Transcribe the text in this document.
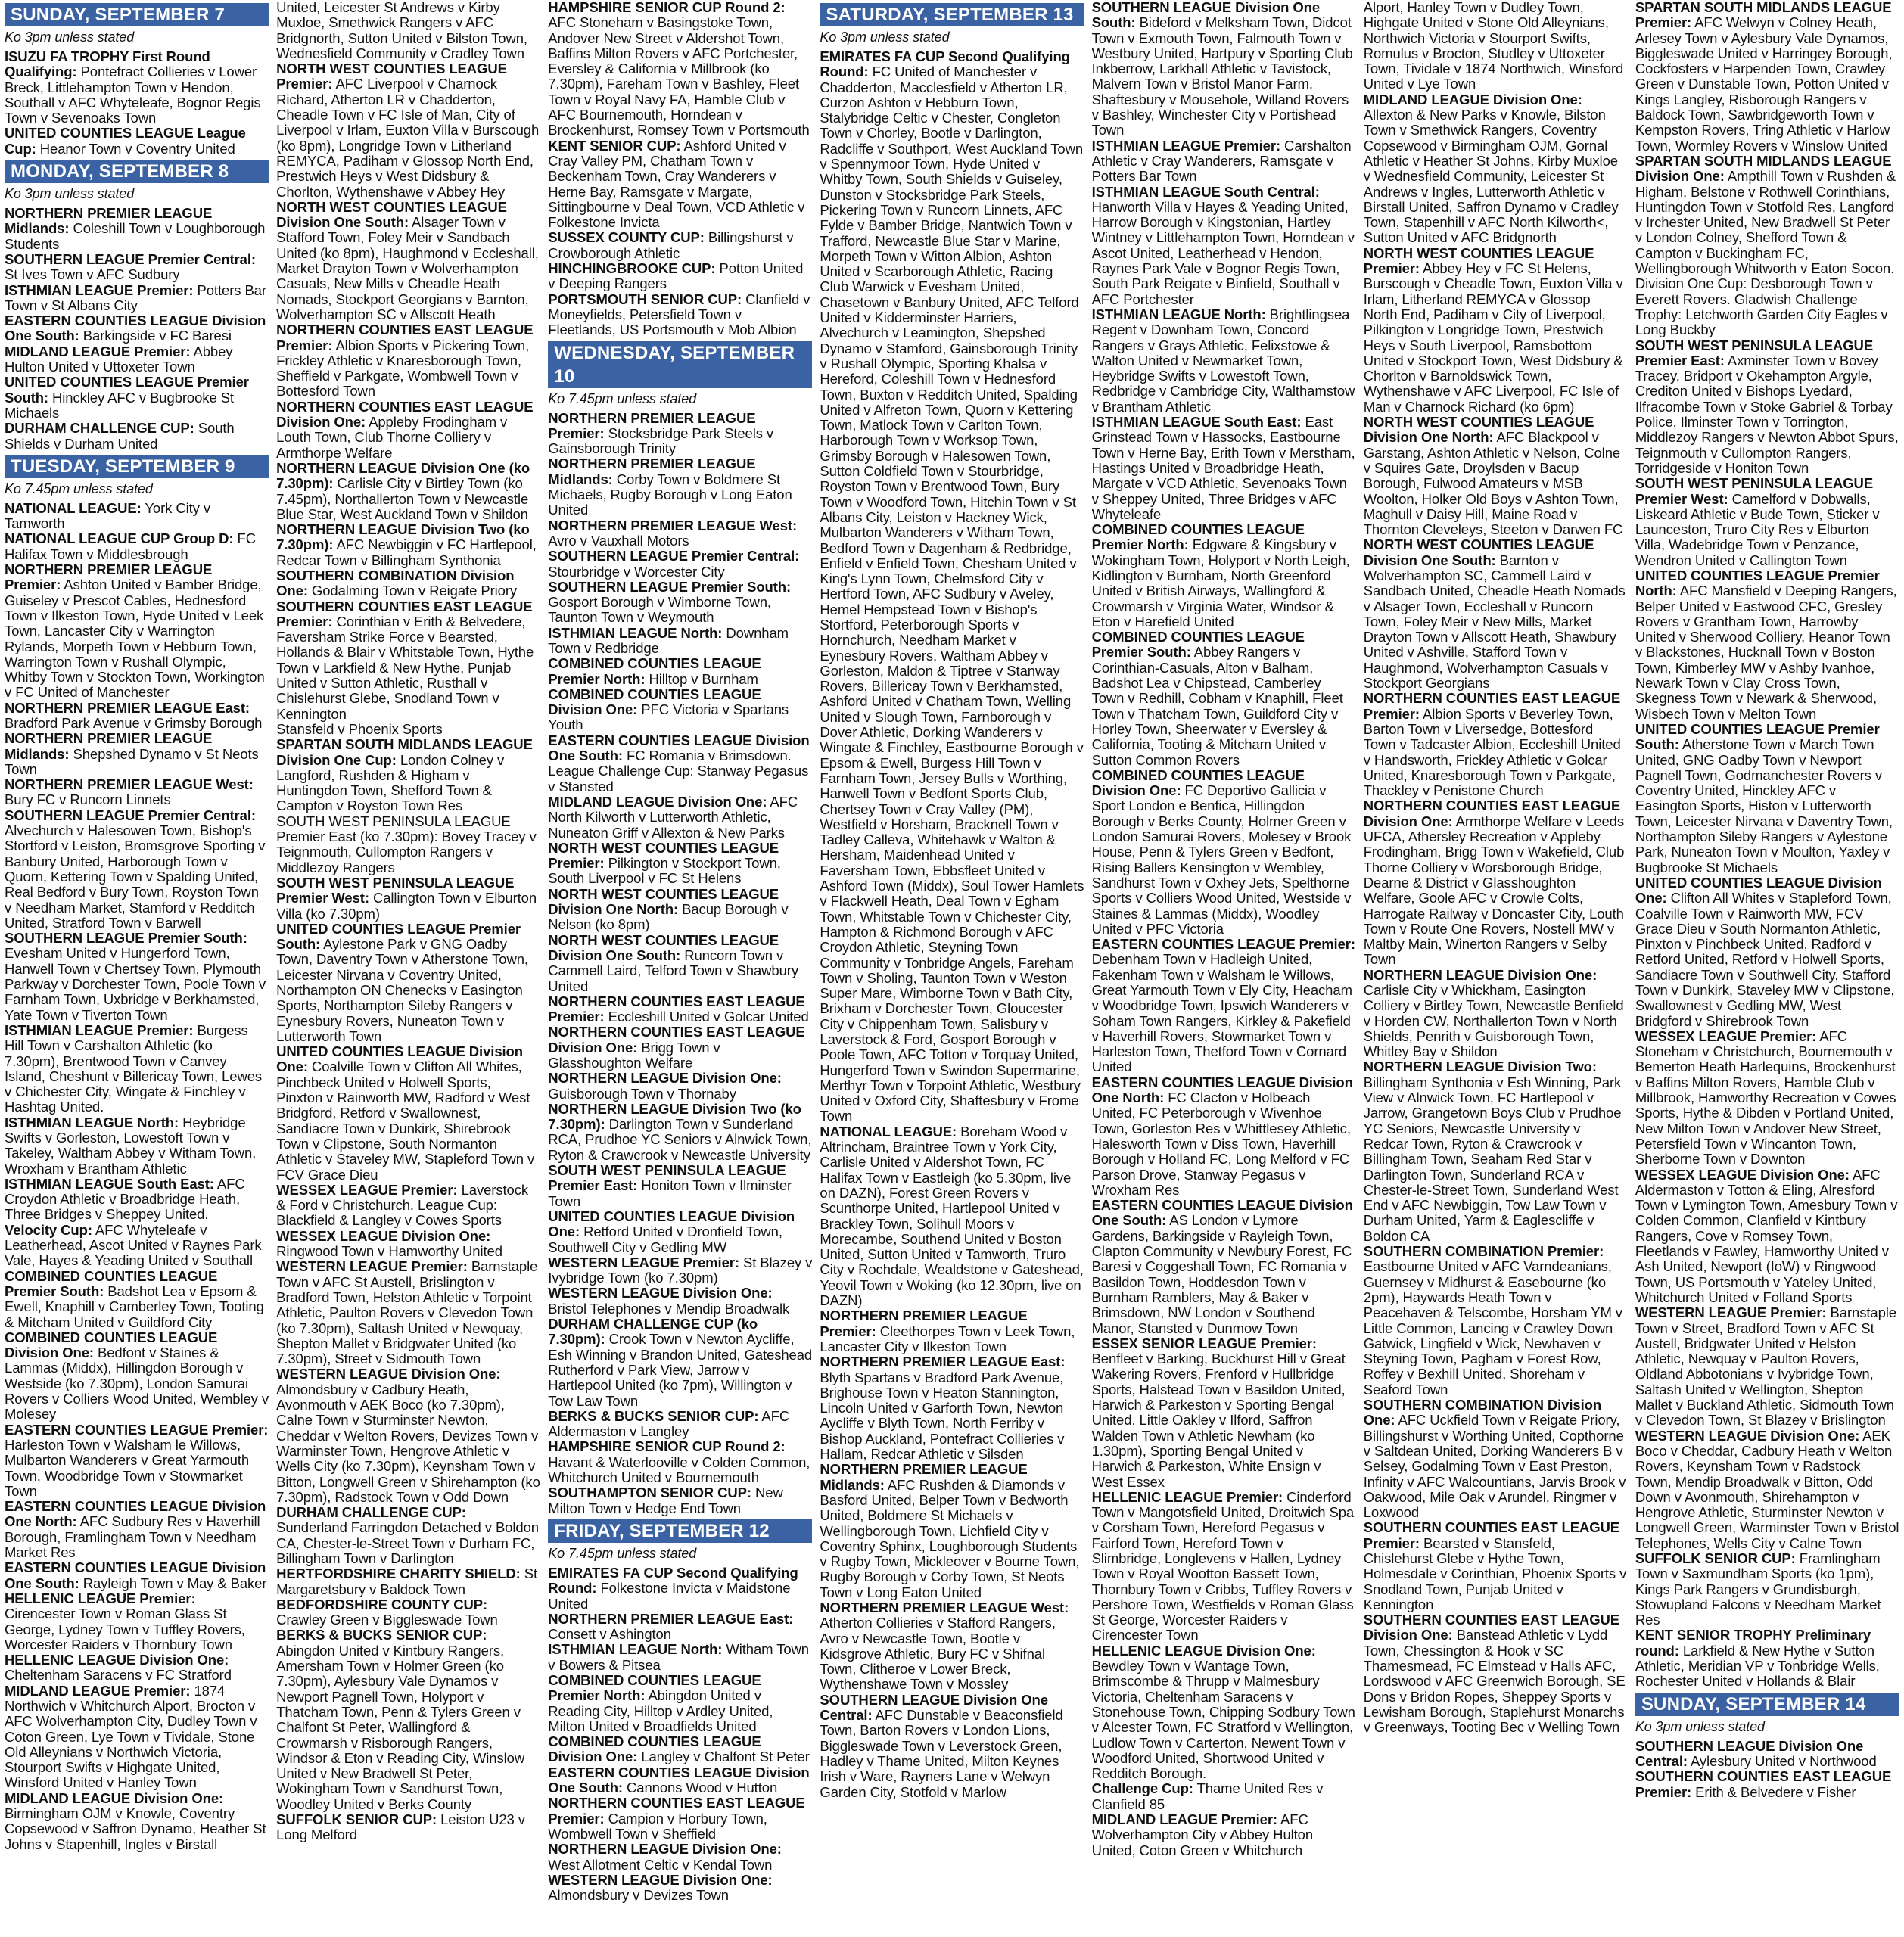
SUNDAY, SEPTEMBER 7
Ko 3pm unless stated

ISUZU FA TROPHY First Round Qualifying: Pontefract Collieries v Lower Breck, Littlehampton Town v Hendon, Southall v AFC Whyteleafe, Bognor Regis Town v Sevenoaks Town

UNITED COUNTIES LEAGUE League Cup: Heanor Town v Coventry United

MONDAY, SEPTEMBER 8
Ko 3pm unless stated

NORTHERN PREMIER LEAGUE Midlands: Coleshill Town v Loughborough Students

SOUTHERN LEAGUE Premier Central: St Ives Town v AFC Sudbury

ISTHMIAN LEAGUE Premier: Potters Bar Town v St Albans City

EASTERN COUNTIES LEAGUE Division One South: Barkingside v FC Baresi

MIDLAND LEAGUE Premier: Abbey Hulton United v Uttoxeter Town

UNITED COUNTIES LEAGUE Premier South: Hinckley AFC v Bugbrooke St Michaels

DURHAM CHALLENGE CUP: South Shields v Durham United

TUESDAY, SEPTEMBER 9
Ko 7.45pm unless stated

NATIONAL LEAGUE: York City v Tamworth

NATIONAL LEAGUE CUP Group D: FC Halifax Town v Middlesbrough

NORTHERN PREMIER LEAGUE Premier: Ashton United v Bamber Bridge, Guiseley v Prescot Cables, Hednesford Town v Ilkeston Town, Hyde United v Leek Town, Lancaster City v Warrington Rylands, Morpeth Town v Hebburn Town, Warrington Town v Rushall Olympic, Whitby Town v Stockton Town, Workington v FC United of Manchester

NORTHERN PREMIER LEAGUE East: Bradford Park Avenue v Grimsby Borough

NORTHERN PREMIER LEAGUE Midlands: Shepshed Dynamo v St Neots Town

NORTHERN PREMIER LEAGUE West: Bury FC v Runcorn Linnets

SOUTHERN LEAGUE Premier Central: Alvechurch v Halesowen Town, Bishop's Stortford v Leiston, Bromsgrove Sporting v Banbury United, Harborough Town v Quorn, Kettering Town v Spalding United, Real Bedford v Bury Town, Royston Town v Needham Market, Stamford v Redditch United, Stratford Town v Barwell

SOUTHERN LEAGUE Premier South: Evesham United v Hungerford Town, Hanwell Town v Chertsey Town, Plymouth Parkway v Dorchester Town, Poole Town v Farnham Town, Uxbridge v Berkhamsted, Yate Town v Tiverton Town

ISTHMIAN LEAGUE Premier: Burgess Hill Town v Carshalton Athletic (ko 7.30pm), Brentwood Town v Canvey Island, Cheshunt v Billericay Town, Lewes v Chichester City, Wingate & Finchley v Hashtag United.

ISTHMIAN LEAGUE North: Heybridge Swifts v Gorleston, Lowestoft Town v Takeley, Waltham Abbey v Witham Town, Wroxham v Brantham Athletic

ISTHMIAN LEAGUE South East: AFC Croydon Athletic v Broadbridge Heath, Three Bridges v Sheppey United.

Velocity Cup: AFC Whyteleafe v Leatherhead, Ascot United v Raynes Park Vale, Hayes & Yeading United v Southall

COMBINED COUNTIES LEAGUE Premier South: Badshot Lea v Epsom & Ewell, Knaphill v Camberley Town, Tooting & Mitcham United v Guildford City

COMBINED COUNTIES LEAGUE Division One: Bedfont v Staines & Lammas (Middx), Hillingdon Borough v Westside (ko 7.30pm), London Samurai Rovers v Colliers Wood United, Wembley v Molesey

EASTERN COUNTIES LEAGUE Premier: Harleston Town v Walsham le Willows, Mulbarton Wanderers v Great Yarmouth Town, Woodbridge Town v Stowmarket Town

EASTERN COUNTIES LEAGUE Division One North: AFC Sudbury Res v Haverhill Borough, Framlingham Town v Needham Market Res

EASTERN COUNTIES LEAGUE Division One South: Rayleigh Town v May & Baker

HELLENIC LEAGUE Premier: Cirencester Town v Roman Glass St George, Lydney Town v Tuffley Rovers, Worcester Raiders v Thornbury Town

HELLENIC LEAGUE Division One: Cheltenham Saracens v FC Stratford

MIDLAND LEAGUE Premier: 1874 Northwich v Whitchurch Alport, Brocton v AFC Wolverhampton City, Dudley Town v Coton Green, Lye Town v Tividale, Stone Old Alleynians v Northwich Victoria, Stourport Swifts v Highgate United, Winsford United v Hanley Town

MIDLAND LEAGUE Division One: Birmingham OJM v Knowle, Coventry Copsewood v Saffron Dynamo, Heather St Johns v Stapenhill, Ingles v Birstall

United, Leicester St Andrews v Kirby Muxloe, Smethwick Rangers v AFC Bridgnorth, Sutton United v Bilston Town, Wednesfield Community v Cradley Town

NORTH WEST COUNTIES LEAGUE Premier: AFC Liverpool v Charnock Richard, Atherton LR v Chadderton, Cheadle Town v FC Isle of Man, City of Liverpool v Irlam, Euxton Villa v Burscough (ko 8pm), Longridge Town v Litherland REMYCA, Padiham v Glossop North End, Prestwich Heys v West Didsbury & Chorlton, Wythenshawe v Abbey Hey

NORTH WEST COUNTIES LEAGUE Division One South: Alsager Town v Stafford Town, Foley Meir v Sandbach United (ko 8pm), Haughmond v Eccleshall, Market Drayton Town v Wolverhampton Casuals, New Mills v Cheadle Heath Nomads, Stockport Georgians v Barnton, Wolverhampton SC v Allscott Heath

NORTHERN COUNTIES EAST LEAGUE Premier: Albion Sports v Pickering Town, Frickley Athletic v Knaresborough Town, Sheffield v Parkgate, Wombwell Town v Bottesford Town

NORTHERN COUNTIES EAST LEAGUE Division One: Appleby Frodingham v Louth Town, Club Thorne Colliery v Armthorpe Welfare

NORTHERN LEAGUE Division One (ko 7.30pm): Carlisle City v Birtley Town (ko 7.45pm), Northallerton Town v Newcastle Blue Star, West Auckland Town v Shildon

NORTHERN LEAGUE Division Two (ko 7.30pm): AFC Newbiggin v FC Hartlepool, Redcar Town v Billingham Synthonia

SOUTHERN COMBINATION Division One: Godalming Town v Reigate Priory

SOUTHERN COUNTIES EAST LEAGUE Premier: Corinthian v Erith & Belvedere, Faversham Strike Force v Bearsted, Hollands & Blair v Whitstable Town, Hythe Town v Larkfield & New Hythe, Punjab United v Sutton Athletic, Rusthall v Chislehurst Glebe, Snodland Town v Kennington

Stansfeld v Phoenix Sports

SPARTAN SOUTH MIDLANDS LEAGUE Division One Cup: London Colney v Langford, Rushden & Higham v Huntingdon Town, Shefford Town & Campton v Royston Town Res

SOUTH WEST PENINSULA LEAGUE Premier East (ko 7.30pm): Bovey Tracey v Teignmouth, Cullompton Rangers v Middlezoy Rangers

SOUTH WEST PENINSULA LEAGUE Premier West: Callington Town v Elburton Villa (ko 7.30pm)

UNITED COUNTIES LEAGUE Premier South: Aylestone Park v GNG Oadby Town, Daventry Town v Atherstone Town, Leicester Nirvana v Coventry United, Northampton ON Chenecks v Easington Sports, Northampton Sileby Rangers v Eynesbury Rovers, Nuneaton Town v Lutterworth Town

UNITED COUNTIES LEAGUE Division One: Coalville Town v Clifton All Whites, Pinchbeck United v Holwell Sports, Pinxton v Rainworth MW, Radford v West Bridgford, Retford v Swallownest, Sandiacre Town v Dunkirk, Shirebrook Town v Clipstone, South Normanton Athletic v Staveley MW, Stapleford Town v FCV Grace Dieu

WESSEX LEAGUE Premier: Laverstock & Ford v Christchurch. League Cup: Blackfield & Langley v Cowes Sports

WESSEX LEAGUE Division One: Ringwood Town v Hamworthy United

WESTERN LEAGUE Premier: Barnstaple Town v AFC St Austell, Brislington v Bradford Town, Helston Athletic v Torpoint Athletic, Paulton Rovers v Clevedon Town (ko 7.30pm), Saltash United v Newquay, Shepton Mallet v Bridgwater United (ko 7.30pm), Street v Sidmouth Town

WESTERN LEAGUE Division One: Almondsbury v Cadbury Heath, Avonmouth v AEK Boco (ko 7.30pm), Calne Town v Sturminster Newton, Cheddar v Welton Rovers, Devizes Town v Warminster Town, Hengrove Athletic v Wells City (ko 7.30pm), Keynsham Town v Bitton, Longwell Green v Shirehampton (ko 7.30pm), Radstock Town v Odd Down

DURHAM CHALLENGE CUP: Sunderland Farringdon Detached v Boldon CA, Chester-le-Street Town v Durham FC, Billingham Town v Darlington

HERTFORDSHIRE CHARITY SHIELD: St Margaretsbury v Baldock Town

BEDFORDSHIRE COUNTY CUP: Crawley Green v Biggleswade Town

BERKS & BUCKS SENIOR CUP: Abingdon United v Kintbury Rangers, Amersham Town v Holmer Green (ko 7.30pm), Aylesbury Vale Dynamos v Newport Pagnell Town, Holyport v Thatcham Town, Penn & Tylers Green v Chalfont St Peter, Wallingford & Crowmarsh v Risborough Rangers, Windsor & Eton v Reading City, Winslow United v New Bradwell St Peter, Wokingham Town v Sandhurst Town, Woodley United v Berks County

SUFFOLK SENIOR CUP: Leiston U23 v Long Melford

HAMPSHIRE SENIOR CUP Round 2: AFC Stoneham v Basingstoke Town, Andover New Street v Aldershot Town, Baffins Milton Rovers v AFC Portchester, Eversley & California v Millbrook (ko 7.30pm), Fareham Town v Bashley, Fleet Town v Royal Navy FA, Hamble Club v AFC Bournemouth, Horndean v Brockenhurst, Romsey Town v Portsmouth

KENT SENIOR CUP: Ashford United v Cray Valley PM, Chatham Town v Beckenham Town, Cray Wanderers v Herne Bay, Ramsgate v Margate, Sittingbourne v Deal Town, VCD Athletic v Folkestone Invicta

SUSSEX COUNTY CUP: Billingshurst v Crowborough Athletic

HINCHINGBROOKE CUP: Potton United v Deeping Rangers

PORTSMOUTH SENIOR CUP: Clanfield v Moneyfields, Petersfield Town v Fleetlands, US Portsmouth v Mob Albion

WEDNESDAY, SEPTEMBER 10
Ko 7.45pm unless stated

NORTHERN PREMIER LEAGUE Premier: Stocksbridge Park Steels v Gainsborough Trinity

NORTHERN PREMIER LEAGUE Midlands: Corby Town v Boldmere St Michaels, Rugby Borough v Long Eaton United

NORTHERN PREMIER LEAGUE West: Avro v Vauxhall Motors

SOUTHERN LEAGUE Premier Central: Stourbridge v Worcester City

SOUTHERN LEAGUE Premier South: Gosport Borough v Wimborne Town, Taunton Town v Weymouth

ISTHMIAN LEAGUE North: Downham Town v Redbridge

COMBINED COUNTIES LEAGUE Premier North: Hilltop v Burnham

COMBINED COUNTIES LEAGUE Division One: PFC Victoria v Spartans Youth

EASTERN COUNTIES LEAGUE Division One South: FC Romania v Brimsdown. League Challenge Cup: Stanway Pegasus v Stansted

MIDLAND LEAGUE Division One: AFC North Kilworth v Lutterworth Athletic, Nuneaton Griff v Allexton & New Parks

NORTH WEST COUNTIES LEAGUE Premier: Pilkington v Stockport Town, South Liverpool v FC St Helens

NORTH WEST COUNTIES LEAGUE Division One North: Bacup Borough v Nelson (ko 8pm)

NORTH WEST COUNTIES LEAGUE Division One South: Runcorn Town v Cammell Laird, Telford Town v Shawbury United

NORTHERN COUNTIES EAST LEAGUE Premier: Eccleshill United v Golcar United

NORTHERN COUNTIES EAST LEAGUE Division One: Brigg Town v Glasshoughton Welfare

NORTHERN LEAGUE Division One: Guisborough Town v Thornaby

NORTHERN LEAGUE Division Two (ko 7.30pm): Darlington Town v Sunderland RCA, Prudhoe YC Seniors v Alnwick Town, Ryton & Crawcrook v Newcastle University

SOUTH WEST PENINSULA LEAGUE Premier East: Honiton Town v Ilminster Town

UNITED COUNTIES LEAGUE Division One: Retford United v Dronfield Town, Southwell City v Gedling MW

WESTERN LEAGUE Premier: St Blazey v Ivybridge Town (ko 7.30pm)

WESTERN LEAGUE Division One: Bristol Telephones v Mendip Broadwalk

DURHAM CHALLENGE CUP (ko 7.30pm): Crook Town v Newton Aycliffe, Esh Winning v Brandon United, Gateshead Rutherford v Park View, Jarrow v Hartlepool United (ko 7pm), Willington v Tow Law Town

BERKS & BUCKS SENIOR CUP: AFC Aldermaston v Langley

HAMPSHIRE SENIOR CUP Round 2: Havant & Waterlooville v Colden Common, Whitchurch United v Bournemouth

SOUTHAMPTON SENIOR CUP: New Milton Town v Hedge End Town

FRIDAY, SEPTEMBER 12
Ko 7.45pm unless stated

EMIRATES FA CUP Second Qualifying Round: Folkestone Invicta v Maidstone United

NORTHERN PREMIER LEAGUE East: Consett v Ashington

ISTHMIAN LEAGUE North: Witham Town v Bowers & Pitsea

COMBINED COUNTIES LEAGUE Premier North: Abingdon United v Reading City, Hilltop v Ardley United, Milton United v Broadfields United

COMBINED COUNTIES LEAGUE Division One: Langley v Chalfont St Peter

EASTERN COUNTIES LEAGUE Division One South: Cannons Wood v Hutton

NORTHERN COUNTIES EAST LEAGUE Premier: Campion v Horbury Town, Wombwell Town v Sheffield

NORTHERN LEAGUE Division One: West Allotment Celtic v Kendal Town

WESTERN LEAGUE Division One: Almondsbury v Devizes Town

SATURDAY, SEPTEMBER 13
Ko 3pm unless stated

EMIRATES FA CUP Second Qualifying Round: FC United of Manchester v Chadderton, Macclesfield v Atherton LR, Curzon Ashton v Hebburn Town, Stalybridge Celtic v Chester, Congleton Town v Chorley, Bootle v Darlington, Radcliffe v Southport, West Auckland Town v Spennymoor Town, Hyde United v Whitby Town, South Shields v Guiseley, Dunston v Stocksbridge Park Steels, Pickering Town v Runcorn Linnets, AFC Fylde v Bamber Bridge, Nantwich Town v Trafford, Newcastle Blue Star v Marine, Morpeth Town v Witton Albion, Ashton United v Scarborough Athletic, Racing Club Warwick v Evesham United, Chasetown v Banbury United, AFC Telford United v Kidderminster Harriers, Alvechurch v Leamington, Shepshed Dynamo v Stamford, Gainsborough Trinity v Rushall Olympic, Sporting Khalsa v Hereford, Coleshill Town v Hednesford Town, Buxton v Redditch United, Spalding United v Alfreton Town, Quorn v Kettering Town, Matlock Town v Carlton Town, Harborough Town v Worksop Town, Grimsby Borough v Halesowen Town, Sutton Coldfield Town v Stourbridge, Royston Town v Brentwood Town, Bury Town v Woodford Town, Hitchin Town v St Albans City, Leiston v Hackney Wick, Mulbarton Wanderers v Witham Town, Bedford Town v Dagenham & Redbridge, Enfield v Enfield Town, Chesham United v King's Lynn Town, Chelmsford City v Hertford Town, AFC Sudbury v Aveley, Hemel Hempstead Town v Bishop's Stortford, Peterborough Sports v Hornchurch, Needham Market v Eynesbury Rovers, Waltham Abbey v Gorleston, Maldon & Tiptree v Stanway Rovers, Billericay Town v Berkhamsted, Ashford United v Chatham Town, Welling United v Slough Town, Farnborough v Dover Athletic, Dorking Wanderers v Wingate & Finchley, Eastbourne Borough v Epsom & Ewell, Burgess Hill Town v Farnham Town, Jersey Bulls v Worthing, Hanwell Town v Bedfont Sports Club, Chertsey Town v Cray Valley (PM), Westfield v Horsham, Bracknell Town v Tadley Calleva, Whitehawk v Walton & Hersham, Maidenhead United v Faversham Town, Ebbsfleet United v Ashford Town (Middx), Soul Tower Hamlets v Flackwell Heath, Deal Town v Egham Town, Whitstable Town v Chichester City, Hampton & Richmond Borough v AFC Croydon Athletic, Steyning Town Community v Tonbridge Angels, Fareham Town v Sholing, Taunton Town v Weston Super Mare, Wimborne Town v Bath City, Brixham v Dorchester Town, Gloucester City v Chippenham Town, Salisbury v Laverstock & Ford, Gosport Borough v Poole Town, AFC Totton v Torquay United, Hungerford Town v Swindon Supermarine, Merthyr Town v Torpoint Athletic, Westbury United v Oxford City, Shaftesbury v Frome Town

NATIONAL LEAGUE: Boreham Wood v Altrincham, Braintree Town v York City, Carlisle United v Aldershot Town, FC Halifax Town v Eastleigh (ko 5.30pm, live on DAZN), Forest Green Rovers v Scunthorpe United, Hartlepool United v Brackley Town, Solihull Moors v Morecambe, Southend United v Boston United, Sutton United v Tamworth, Truro City v Rochdale, Wealdstone v Gateshead, Yeovil Town v Woking (ko 12.30pm, live on DAZN)

NORTHERN PREMIER LEAGUE Premier: Cleethorpes Town v Leek Town, Lancaster City v Ilkeston Town

NORTHERN PREMIER LEAGUE East: Blyth Spartans v Bradford Park Avenue, Brighouse Town v Heaton Stannington, Lincoln United v Garforth Town, Newton Aycliffe v Blyth Town, North Ferriby v Bishop Auckland, Pontefract Collieries v Hallam, Redcar Athletic v Silsden

NORTHERN PREMIER LEAGUE Midlands: AFC Rushden & Diamonds v Basford United, Belper Town v Bedworth United, Boldmere St Michaels v Wellingborough Town, Lichfield City v Coventry Sphinx, Loughborough Students v Rugby Town, Mickleover v Bourne Town, Rugby Borough v Corby Town, St Neots Town v Long Eaton United

NORTHERN PREMIER LEAGUE West: Atherton Collieries v Stafford Rangers, Avro v Newcastle Town, Bootle v Kidsgrove Athletic, Bury FC v Shifnal Town, Clitheroe v Lower Breck, Wythenshawe Town v Mossley

SOUTHERN LEAGUE Division One Central: AFC Dunstable v Beaconsfield Town, Barton Rovers v London Lions, Biggleswade Town v Leverstock Green, Hadley v Thame United, Milton Keynes Irish v Ware, Rayners Lane v Welwyn Garden City, Stotfold v Marlow

SOUTHERN LEAGUE Division One South: Bideford v Melksham Town, Didcot Town v Exmouth Town, Falmouth Town v Westbury United, Hartpury v Sporting Club Inkberrow, Larkhall Athletic v Tavistock, Malvern Town v Bristol Manor Farm, Shaftesbury v Mousehole, Willand Rovers v Bashley, Winchester City v Portishead Town

ISTHMIAN LEAGUE Premier: Carshalton Athletic v Cray Wanderers, Ramsgate v Potters Bar Town

ISTHMIAN LEAGUE South Central: Hanworth Villa v Hayes & Yeading United, Harrow Borough v Kingstonian, Hartley Wintney v Littlehampton Town, Horndean v Ascot United, Leatherhead v Hendon, Raynes Park Vale v Bognor Regis Town, South Park Reigate v Binfield, Southall v AFC Portchester

ISTHMIAN LEAGUE North: Brightlingsea Regent v Downham Town, Concord Rangers v Grays Athletic, Felixstowe & Walton United v Newmarket Town, Heybridge Swifts v Lowestoft Town, Redbridge v Cambridge City, Walthamstow v Brantham Athletic

ISTHMIAN LEAGUE South East: East Grinstead Town v Hassocks, Eastbourne Town v Herne Bay, Erith Town v Merstham, Hastings United v Broadbridge Heath, Margate v VCD Athletic, Sevenoaks Town v Sheppey United, Three Bridges v AFC Whyteleafe

COMBINED COUNTIES LEAGUE Premier North: Edgware & Kingsbury v Wokingham Town, Holyport v North Leigh, Kidlington v Burnham, North Greenford United v British Airways, Wallingford & Crowmarsh v Virginia Water, Windsor & Eton v Harefield United

COMBINED COUNTIES LEAGUE Premier South: Abbey Rangers v Corinthian-Casuals, Alton v Balham, Badshot Lea v Chipstead, Camberley Town v Redhill, Cobham v Knaphill, Fleet Town v Thatcham Town, Guildford City v Horley Town, Sheerwater v Eversley & California, Tooting & Mitcham United v Sutton Common Rovers

COMBINED COUNTIES LEAGUE Division One: FC Deportivo Gallicia v Sport London e Benfica, Hillingdon Borough v Berks County, Holmer Green v London Samurai Rovers, Molesey v Brook House, Penn & Tylers Green v Bedfont, Rising Ballers Kensington v Wembley, Sandhurst Town v Oxhey Jets, Spelthorne Sports v Colliers Wood United, Westside v Staines & Lammas (Middx), Woodley United v PFC Victoria

EASTERN COUNTIES LEAGUE Premier: Debenham Town v Hadleigh United, Fakenham Town v Walsham le Willows, Great Yarmouth Town v Ely City, Heacham v Woodbridge Town, Ipswich Wanderers v Soham Town Rangers, Kirkley & Pakefield v Haverhill Rovers, Stowmarket Town v Harleston Town, Thetford Town v Cornard United

EASTERN COUNTIES LEAGUE Division One North: FC Clacton v Holbeach United, FC Peterborough v Wivenhoe Town, Gorleston Res v Whittlesey Athletic, Halesworth Town v Diss Town, Haverhill Borough v Holland FC, Long Melford v FC Parson Drove, Stanway Pegasus v Wroxham Res

EASTERN COUNTIES LEAGUE Division One South: AS London v Lymore Gardens, Barkingside v Rayleigh Town, Clapton Community v Newbury Forest, FC Baresi v Coggeshall Town, FC Romania v Basildon Town, Hoddesdon Town v Burnham Ramblers, May & Baker v Brimsdown, NW London v Southend Manor, Stansted v Dunmow Town

ESSEX SENIOR LEAGUE Premier: Benfleet v Barking, Buckhurst Hill v Great Wakering Rovers, Frenford v Hullbridge Sports, Halstead Town v Basildon United, Harwich & Parkeston v Sporting Bengal United, Little Oakley v Ilford, Saffron Walden Town v Athletic Newham (ko 1.30pm), Sporting Bengal United v Harwich & Parkeston, White Ensign v West Essex

HELLENIC LEAGUE Premier: Cinderford Town v Mangotsfield United, Droitwich Spa v Corsham Town, Hereford Pegasus v Fairford Town, Hereford Town v Slimbridge, Longlevens v Hallen, Lydney Town v Royal Wootton Bassett Town, Thornbury Town v Cribbs, Tuffley Rovers v Pershore Town, Westfields v Roman Glass St George, Worcester Raiders v Cirencester Town

HELLENIC LEAGUE Division One: Bewdley Town v Wantage Town, Brimscombe & Thrupp v Malmesbury Victoria, Cheltenham Saracens v Stonehouse Town, Chipping Sodbury Town v Alcester Town, FC Stratford v Wellington, Ludlow Town v Carterton, Newent Town v Woodford United, Shortwood United v Redditch Borough.

Challenge Cup: Thame United Res v Clanfield 85

MIDLAND LEAGUE Premier: AFC Wolverhampton City v Abbey Hulton United, Coton Green v Whitchurch

Alport, Hanley Town v Dudley Town, Highgate United v Stone Old Alleynians, Northwich Victoria v Stourport Swifts, Romulus v Brocton, Studley v Uttoxeter Town, Tividale v 1874 Northwich, Winsford United v Lye Town

MIDLAND LEAGUE Division One: Allexton & New Parks v Knowle, Bilston Town v Smethwick Rangers, Coventry Copsewood v Birmingham OJM, Gornal Athletic v Heather St Johns, Kirby Muxloe v Wednesfield Community, Leicester St Andrews v Ingles, Lutterworth Athletic v Birstall United, Saffron Dynamo v Cradley Town, Stapenhill v AFC North Kilworth<, Sutton United v AFC Bridgnorth

NORTH WEST COUNTIES LEAGUE Premier: Abbey Hey v FC St Helens, Burscough v Cheadle Town, Euxton Villa v Irlam, Litherland REMYCA v Glossop North End, Padiham v City of Liverpool, Pilkington v Longridge Town, Prestwich Heys v South Liverpool, Ramsbottom United v Stockport Town, West Didsbury & Chorlton v Barnoldswick Town, Wythenshawe v AFC Liverpool, FC Isle of Man v Charnock Richard (ko 6pm)

NORTH WEST COUNTIES LEAGUE Division One North: AFC Blackpool v Garstang, Ashton Athletic v Nelson, Colne v Squires Gate, Droylsden v Bacup Borough, Fulwood Amateurs v MSB Woolton, Holker Old Boys v Ashton Town, Maghull v Daisy Hill, Maine Road v Thornton Cleveleys, Steeton v Darwen FC

NORTH WEST COUNTIES LEAGUE Division One South: Barnton v Wolverhampton SC, Cammell Laird v Sandbach United, Cheadle Heath Nomads v Alsager Town, Eccleshall v Runcorn Town, Foley Meir v New Mills, Market Drayton Town v Allscott Heath, Shawbury United v Ashville, Stafford Town v Haughmond, Wolverhampton Casuals v Stockport Georgians

NORTHERN COUNTIES EAST LEAGUE Premier: Albion Sports v Beverley Town, Barton Town v Liversedge, Bottesford Town v Tadcaster Albion, Eccleshill United v Handsworth, Frickley Athletic v Golcar United, Knaresborough Town v Parkgate, Thackley v Penistone Church

NORTHERN COUNTIES EAST LEAGUE Division One: Armthorpe Welfare v Leeds UFCA, Athersley Recreation v Appleby Frodingham, Brigg Town v Wakefield, Club Thorne Colliery v Worsborough Bridge, Dearne & District v Glasshoughton Welfare, Goole AFC v Crowle Colts, Harrogate Railway v Doncaster City, Louth Town v Route One Rovers, Nostell MW v Maltby Main, Winerton Rangers v Selby Town

NORTHERN LEAGUE Division One: Carlisle City v Whickham, Easington Colliery v Birtley Town, Newcastle Benfield v Horden CW, Northallerton Town v North Shields, Penrith v Guisborough Town, Whitley Bay v Shildon

NORTHERN LEAGUE Division Two: Billingham Synthonia v Esh Winning, Park View v Alnwick Town, FC Hartlepool v Jarrow, Grangetown Boys Club v Prudhoe YC Seniors, Newcastle University v Redcar Town, Ryton & Crawcrook v Billingham Town, Seaham Red Star v Darlington Town, Sunderland RCA v Chester-le-Street Town, Sunderland West End v AFC Newbiggin, Tow Law Town v Durham United, Yarm & Eaglescliffe v Boldon CA

SOUTHERN COMBINATION Premier: Eastbourne United v AFC Varndeanians, Guernsey v Midhurst & Easebourne (ko 2pm), Haywards Heath Town v Peacehaven & Telscombe, Horsham YM v Little Common, Lancing v Crawley Down Gatwick, Lingfield v Wick, Newhaven v Steyning Town, Pagham v Forest Row, Roffey v Bexhill United, Shoreham v Seaford Town

SOUTHERN COMBINATION Division One: AFC Uckfield Town v Reigate Priory, Billingshurst v Worthing United, Copthorne v Saltdean United, Dorking Wanderers B v Selsey, Godalming Town v East Preston, Infinity v AFC Walcountians, Jarvis Brook v Oakwood, Mile Oak v Arundel, Ringmer v Loxwood

SOUTHERN COUNTIES EAST LEAGUE Premier: Bearsted v Stansfeld, Chislehurst Glebe v Hythe Town, Holmesdale v Corinthian, Phoenix Sports v Snodland Town, Punjab United v Kennington

SOUTHERN COUNTIES EAST LEAGUE Division One: Banstead Athletic v Lydd Town, Chessington & Hook v SC Thamesmead, FC Elmstead v Halls AFC, Lordswood v AFC Greenwich Borough, SE Dons v Bridon Ropes, Sheppey Sports v Lewisham Borough, Staplehurst Monarchs v Greenways, Tooting Bec v Welling Town

SPARTAN SOUTH MIDLANDS LEAGUE Premier: AFC Welwyn v Colney Heath, Arlesey Town v Aylesbury Vale Dynamos, Biggleswade United v Harringey Borough, Cockfosters v Harpenden Town, Crawley Green v Dunstable Town, Potton United v Kings Langley, Risborough Rangers v Baldock Town, Sawbridgeworth Town v Kempston Rovers, Tring Athletic v Harlow Town, Wormley Rovers v Winslow United

SPARTAN SOUTH MIDLANDS LEAGUE Division One: Ampthill Town v Rushden & Higham, Belstone v Rothwell Corinthians, Huntingdon Town v Stotfold Res, Langford v Irchester United, New Bradwell St Peter v London Colney, Shefford Town & Campton v Buckingham FC, Wellingborough Whitworth v Eaton Socon. Division One Cup: Desborough Town v Everett Rovers. Gladwish Challenge Trophy: Letchworth Garden City Eagles v Long Buckby

SOUTH WEST PENINSULA LEAGUE Premier East: Axminster Town v Bovey Tracey, Bridport v Okehampton Argyle, Crediton United v Bishops Lyedard, Ilfracombe Town v Stoke Gabriel & Torbay Police, Ilminster Town v Torrington, Middlezoy Rangers v Newton Abbot Spurs, Teignmouth v Cullompton Rangers, Torridgeside v Honiton Town

SOUTH WEST PENINSULA LEAGUE Premier West: Camelford v Dobwalls, Liskeard Athletic v Bude Town, Sticker v Launceston, Truro City Res v Elburton Villa, Wadebridge Town v Penzance, Wendron United v Callington Town

UNITED COUNTIES LEAGUE Premier North: AFC Mansfield v Deeping Rangers, Belper United v Eastwood CFC, Gresley Rovers v Grantham Town, Harrowby United v Sherwood Colliery, Heanor Town v Blackstones, Hucknall Town v Boston Town, Kimberley MW v Ashby Ivanhoe, Newark Town v Clay Cross Town, Skegness Town v Newark & Sherwood, Wisbech Town v Melton Town

UNITED COUNTIES LEAGUE Premier South: Atherstone Town v March Town United, GNG Oadby Town v Newport Pagnell Town, Godmanchester Rovers v Coventry United, Hinckley AFC v Easington Sports, Histon v Lutterworth Town, Leicester Nirvana v Daventry Town, Northampton Sileby Rangers v Aylestone Park, Nuneaton Town v Moulton, Yaxley v Bugbrooke St Michaels

UNITED COUNTIES LEAGUE Division One: Clifton All Whites v Stapleford Town, Coalville Town v Rainworth MW, FCV Grace Dieu v South Normanton Athletic, Pinxton v Pinchbeck United, Radford v Retford United, Retford v Holwell Sports, Sandiacre Town v Southwell City, Stafford Town v Dunkirk, Staveley MW v Clipstone, Swallownest v Gedling MW, West Bridgford v Shirebrook Town

WESSEX LEAGUE Premier: AFC Stoneham v Christchurch, Bournemouth v Bemerton Heath Harlequins, Brockenhurst v Baffins Milton Rovers, Hamble Club v Millbrook, Hamworthy Recreation v Cowes Sports, Hythe & Dibden v Portland United, New Milton Town v Andover New Street, Petersfield Town v Wincanton Town, Sherborne Town v Downton

WESSEX LEAGUE Division One: AFC Aldermaston v Totton & Eling, Alresford Town v Lymington Town, Amesbury Town v Colden Common, Clanfield v Kintbury Rangers, Cove v Romsey Town, Fleetlands v Fawley, Hamworthy United v Ash United, Newport (IoW) v Ringwood Town, US Portsmouth v Yateley United, Whitchurch United v Folland Sports

WESTERN LEAGUE Premier: Barnstaple Town v Street, Bradford Town v AFC St Austell, Bridgwater United v Helston Athletic, Newquay v Paulton Rovers, Oldland Abbotonians v Ivybridge Town, Saltash United v Wellington, Shepton Mallet v Buckland Athletic, Sidmouth Town v Clevedon Town, St Blazey v Brislington

WESTERN LEAGUE Division One: AEK Boco v Cheddar, Cadbury Heath v Welton Rovers, Keynsham Town v Radstock Town, Mendip Broadwalk v Bitton, Odd Down v Avonmouth, Shirehampton v Hengrove Athletic, Sturminster Newton v Longwell Green, Warminster Town v Bristol Telephones, Wells City v Calne Town

SUFFOLK SENIOR CUP: Framlingham Town v Saxmundham Sports (ko 1pm), Kings Park Rangers v Grundisburgh, Stowupland Falcons v Needham Market Res

KENT SENIOR TROPHY Preliminary round: Larkfield & New Hythe v Sutton Athletic, Meridian VP v Tonbridge Wells, Rochester United v Hollands & Blair

SUNDAY, SEPTEMBER 14
Ko 3pm unless stated

SOUTHERN LEAGUE Division One Central: Aylesbury United v Northwood

SOUTHERN COUNTIES EAST LEAGUE Premier: Erith & Belvedere v Fisher
